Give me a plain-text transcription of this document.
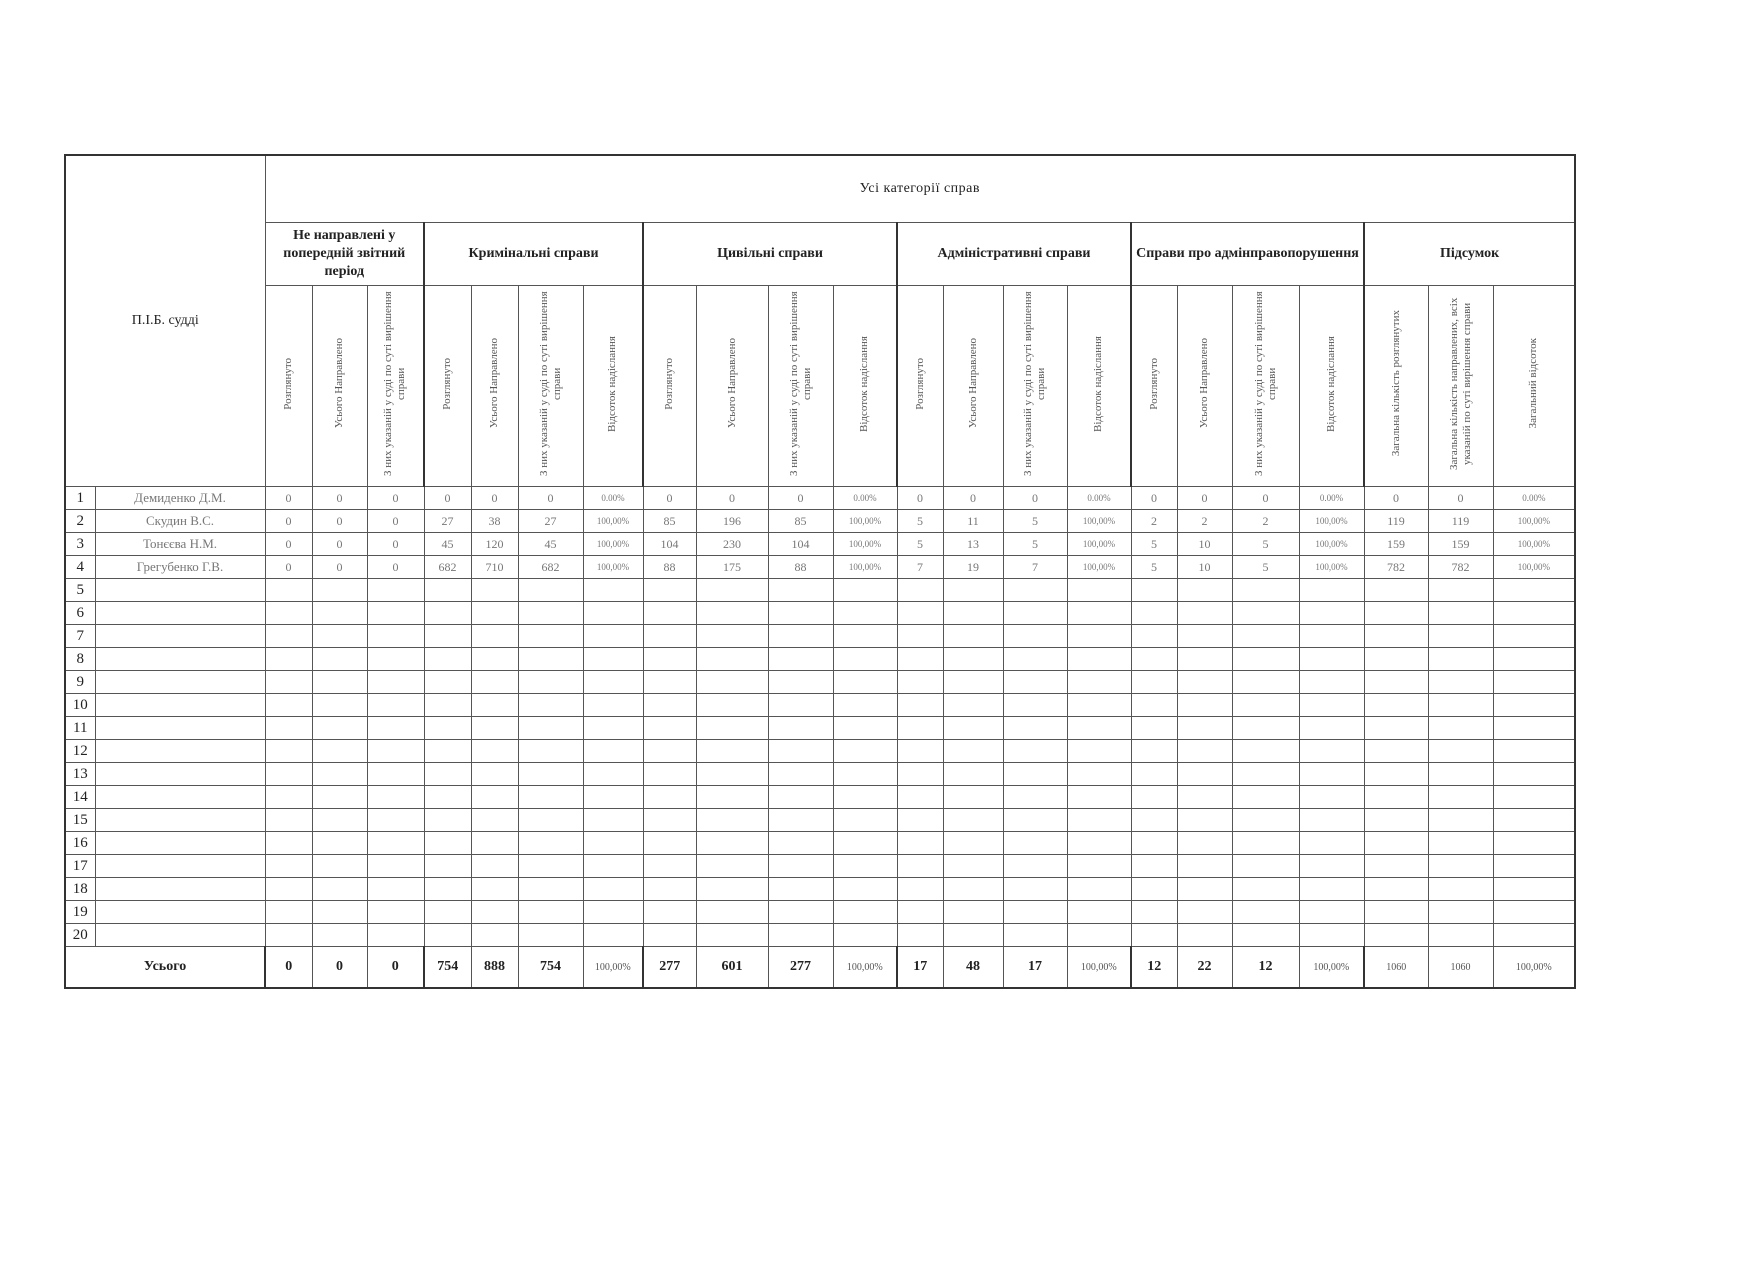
П.І.Б. судді		Усі категорії справ																					
		Не направлені у попередній звітний період			Кримінальні справи				Цивільні справи				Адміністративні справи				Справи про адмінправопорушення				Підсумок		
		Розглянуто	Усього Направлено	З них указаній у суді по суті вирішення справи	Розглянуто	Усього Направлено	З них указаній у суді по суті вирішення справи	Відсоток надіслання	Розглянуто	Усього Направлено	З них указаній у суді по суті вирішення справи	Відсоток надіслання	Розглянуто	Усього Направлено	З них указаній у суді по суті вирішення справи	Відсоток надіслання	Розглянуто	Усього Направлено	З них указаній у суді по суті вирішення справи	Відсоток надіслання	Загальна кількість розглянутих	Загальна кількість направлених, всіх указаній по суті вирішення справи	Загальний відсоток
1	Демиденко Д.М.	0	0	0	0	0	0	0.00%	0	0	0	0.00%	0	0	0	0.00%	0	0	0	0.00%	0	0	0.00%
2	Скудин В.С.	0	0	0	27	38	27	100,00%	85	196	85	100,00%	5	11	5	100,00%	2	2	2	100,00%	119	119	100,00%
3	Тонєєва Н.М.	0	0	0	45	120	45	100,00%	104	230	104	100,00%	5	13	5	100,00%	5	10	5	100,00%	159	159	100,00%
4	Грегубенко Г.В.	0	0	0	682	710	682	100,00%	88	175	88	100,00%	7	19	7	100,00%	5	10	5	100,00%	782	782	100,00%
5																							
6																							
7																							
8																							
9																							
10																							
11																							
12																							
13																							
14																							
15																							
16																							
17																							
18																							
19																							
20																							
Усього		0	0	0	754	888	754	100,00%	277	601	277	100,00%	17	48	17	100,00%	12	22	12	100,00%	1060	1060	100,00%
